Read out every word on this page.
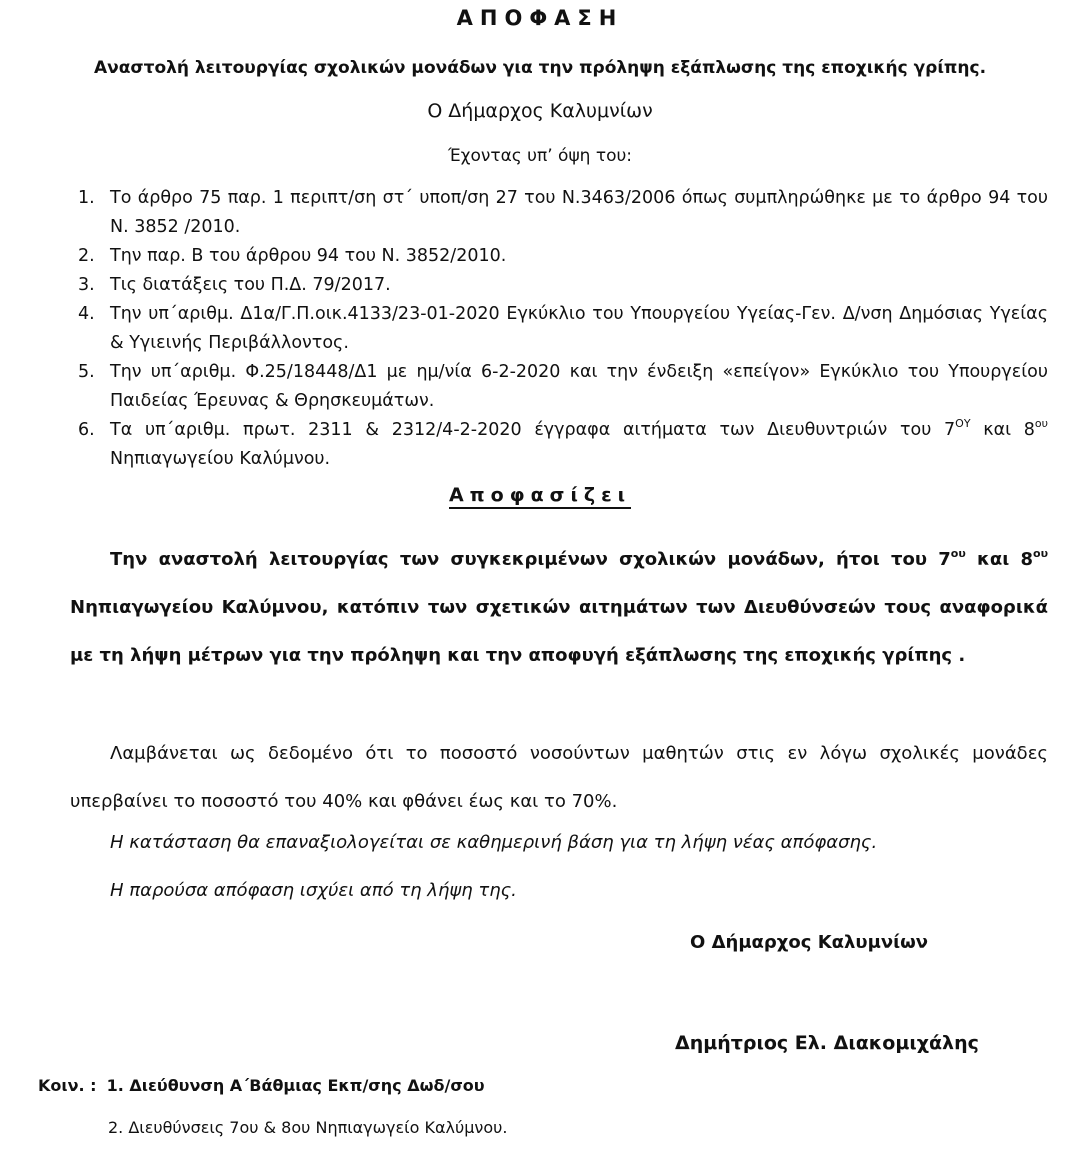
ΑΠΟΦΑΣΗ
Αναστολή λειτουργίας σχολικών μονάδων για την πρόληψη εξάπλωσης της εποχικής γρίπης.
Ο Δήμαρχος Καλυμνίων
Έχοντας υπ’ όψη του:
1. Το άρθρο 75 παρ. 1 περιπτ/ση στ΄ υποπ/ση 27 του Ν.3463/2006 όπως συμπληρώθηκε με το άρθρο 94 του Ν. 3852 /2010.
2. Την παρ. Β του άρθρου 94 του Ν. 3852/2010.
3. Τις διατάξεις του Π.Δ. 79/2017.
4. Την υπ΄αριθμ. Δ1α/Γ.Π.οικ.4133/23-01-2020 Εγκύκλιο του Υπουργείου Υγείας-Γεν. Δ/νση Δημόσιας Υγείας & Υγιεινής Περιβάλλοντος.
5. Την υπ΄αριθμ. Φ.25/18448/Δ1 με ημ/νία 6-2-2020 και την ένδειξη «επείγον» Εγκύκλιο του Υπουργείου Παιδείας Έρευνας & Θρησκευμάτων.
6. Τα υπ΄αριθμ. πρωτ. 2311 & 2312/4-2-2020 έγγραφα αιτήματα των Διευθυντριών του $7^{O\Upsilon}$ και $8^{o\upsilon}$ Νηπιαγωγείου Καλύμνου.
Αποφασίζει
Την αναστολή λειτουργίας των συγκεκριμένων σχολικών μονάδων, ήτοι του $7^{o\upsilon}$ και $8^{o\upsilon}$ Νηπιαγωγείου Καλύμνου, κατόπιν των σχετικών αιτημάτων των Διευθύνσεών τους αναφορικά με τη λήψη μέτρων για την πρόληψη και την αποφυγή εξάπλωσης της εποχικής γρίπης .
Λαμβάνεται ως δεδομένο ότι το ποσοστό νοσούντων μαθητών στις εν λόγω σχολικές μονάδες υπερβαίνει το ποσοστό του 40% και φθάνει έως και το 70%.
Η κατάσταση θα επαναξιολογείται σε καθημερινή βάση για τη λήψη νέας απόφασης.
Η παρούσα απόφαση ισχύει από τη λήψη της.
Ο Δήμαρχος Καλυμνίων
Δημήτριος Ελ. Διακομιχάλης
Κοιν. : 1. Διεύθυνση Α΄Βάθμιας Εκπ/σης Δωδ/σου
2. Διευθύνσεις 7ου & 8ου Νηπιαγωγείο Καλύμνου.
